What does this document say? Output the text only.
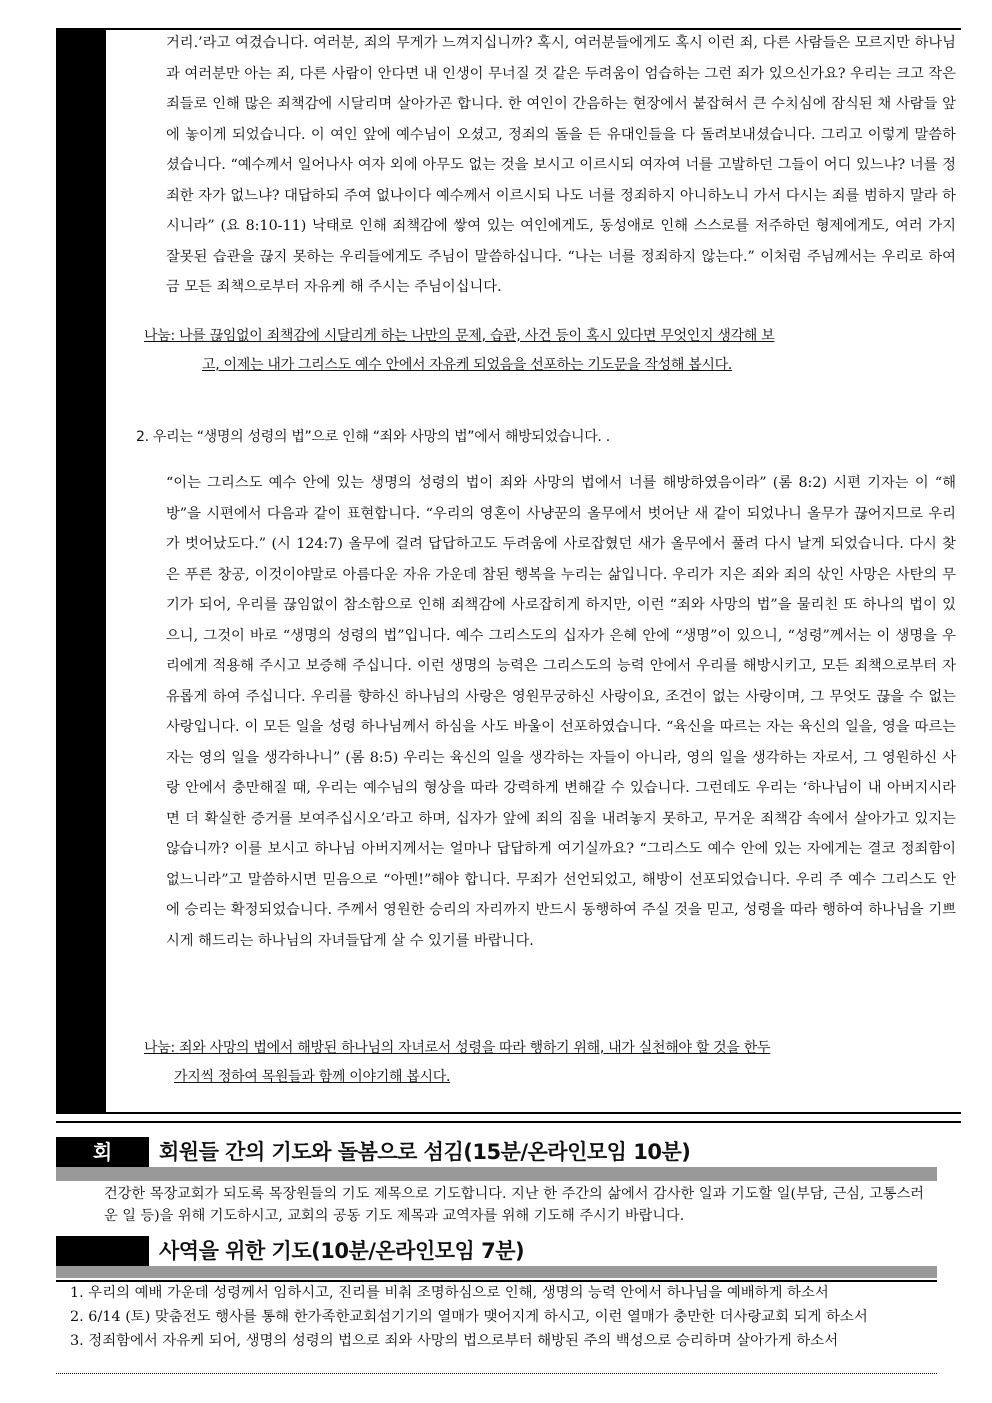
거리.’라고 여겼습니다. 여러분, 죄의 무게가 느껴지십니까? 혹시, 여러분들에게도 혹시 이런 죄, 다른 사람들은 모르지만 하나님과 여러분만 아는 죄, 다른 사람이 안다면 내 인생이 무너질 것 같은 두려움이 엄습하는 그런 죄가 있으신가요? 우리는 크고 작은 죄들로 인해 많은 죄책감에 시달리며 살아가곤 합니다. 한 여인이 간음하는 현장에서 붙잡혀서 큰 수치심에 잠식된 채 사람들 앞에 놓이게 되었습니다. 이 여인 앞에 예수님이 오셨고, 정죄의 돌을 든 유대인들을 다 돌려보내셨습니다. 그리고 이렇게 말씀하셨습니다. “예수께서 일어나사 여자 외에 아무도 없는 것을 보시고 이르시되 여자여 너를 고발하던 그들이 어디 있느냐? 너를 정죄한 자가 없느냐? 대답하되 주여 없나이다 예수께서 이르시되 나도 너를 정죄하지 아니하노니 가서 다시는 죄를 범하지 말라 하시니라” (요 8:10-11) 낙태로 인해 죄책감에 쌓여 있는 여인에게도, 동성애로 인해 스스로를 저주하던 형제에게도, 여러 가지 잘못된 습관을 끊지 못하는 우리들에게도 주님이 말씀하십니다. “나는 너를 정죄하지 않는다.” 이처럼 주님께서는 우리로 하여금 모든 죄책으로부터 자유케 해 주시는 주님이십니다.

나눔: 나를 끊임없이 죄책감에 시달리게 하는 나만의 문제, 습관, 사건 등이 혹시 있다면 무엇인지 생각해 보
고, 이제는 내가 그리스도 예수 안에서 자유케 되었음을 선포하는 기도문을 작성해 봅시다.
2. 우리는 “생명의 성령의 법”으로 인해 “죄와 사망의 법”에서 해방되었습니다. .

“이는 그리스도 예수 안에 있는 생명의 성령의 법이 죄와 사망의 법에서 너를 해방하였음이라” (롬 8:2) 시편 기자는 이 “해방”을 시편에서 다음과 같이 표현합니다. “우리의 영혼이 사냥꾼의 올무에서 벗어난 새 같이 되었나니 올무가 끊어지므로 우리가 벗어났도다.” (시 124:7) 올무에 걸려 답답하고도 두려움에 사로잡혔던 새가 올무에서 풀려 다시 날게 되었습니다. 다시 찾은 푸른 창공, 이것이야말로 아름다운 자유 가운데 참된 행복을 누리는 삶입니다. 우리가 지은 죄와 죄의 삯인 사망은 사탄의 무기가 되어, 우리를 끊임없이 참소함으로 인해 죄책감에 사로잡히게 하지만, 이런 “죄와 사망의 법”을 물리친 또 하나의 법이 있으니, 그것이 바로 “생명의 성령의 법”입니다. 예수 그리스도의 십자가 은혜 안에 “생명”이 있으니, “성령”께서는 이 생명을 우리에게 적용해 주시고 보증해 주십니다. 이런 생명의 능력은 그리스도의 능력 안에서 우리를 해방시키고, 모든 죄책으로부터 자유롭게 하여 주십니다. 우리를 향하신 하나님의 사랑은 영원무궁하신 사랑이요, 조건이 없는 사랑이며, 그 무엇도 끊을 수 없는 사랑입니다. 이 모든 일을 성령 하나님께서 하심을 사도 바울이 선포하였습니다. “육신을 따르는 자는 육신의 일을, 영을 따르는 자는 영의 일을 생각하나니” (롬 8:5) 우리는 육신의 일을 생각하는 자들이 아니라, 영의 일을 생각하는 자로서, 그 영원하신 사랑 안에서 충만해질 때, 우리는 예수님의 형상을 따라 강력하게 변해갈 수 있습니다. 그런데도 우리는 ‘하나님이 내 아버지시라면 더 확실한 증거를 보여주십시오’라고 하며, 십자가 앞에 죄의 짐을 내려놓지 못하고, 무거운 죄책감 속에서 살아가고 있지는 않습니까? 이를 보시고 하나님 아버지께서는 얼마나 답답하게 여기실까요? “그리스도 예수 안에 있는 자에게는 결코 정죄함이 없느니라”고 말씀하시면 믿음으로 “아멘!”해야 합니다. 무죄가 선언되었고, 해방이 선포되었습니다. 우리 주 예수 그리스도 안에 승리는 확정되었습니다. 주께서 영원한 승리의 자리까지 반드시 동행하여 주실 것을 믿고, 성령을 따라 행하여 하나님을 기쁘시게 해드리는 하나님의 자녀들답게 살 수 있기를 바랍니다.

나눔: 죄와 사망의 법에서 해방된 하나님의 자녀로서 성령을 따라 행하기 위해, 내가 실천해야 할 것을 한두
가지씩 정하여 목원들과 함께 이야기해 봅시다.
회	회원들 간의 기도와 돌봄으로 섬김(15분/온라인모임 10분)
건강한 목장교회가 되도록 목장원들의 기도 제목으로 기도합니다. 지난 한 주간의 삶에서 감사한 일과 기도할 일(부담, 근심, 고통스러운 일 등)을 위해 기도하시고, 교회의 공동 기도 제목과 교역자를 위해 기도해 주시기 바랍니다.
사역을 위한 기도(10분/온라인모임 7분)
1. 우리의 예배 가운데 성령께서 임하시고, 진리를 비춰 조명하심으로 인해, 생명의 능력 안에서 하나님을 예배하게 하소서
2. 6/14 (토) 맞춤전도 행사를 통해 한가족한교회섬기기의 열매가 맺어지게 하시고, 이런 열매가 충만한 더사랑교회 되게 하소서
3. 정죄함에서 자유케 되어, 생명의 성령의 법으로 죄와 사망의 법으로부터 해방된 주의 백성으로 승리하며 살아가게 하소서
